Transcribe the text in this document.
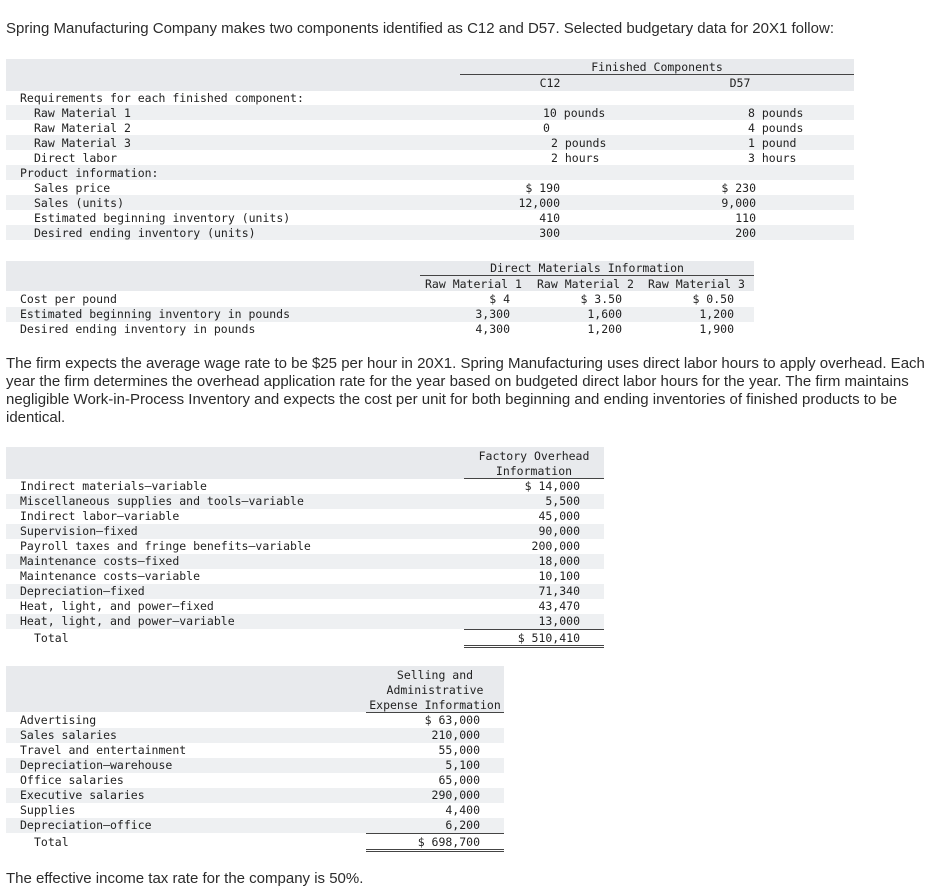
Spring Manufacturing Company makes two components identified as C12 and D57. Selected budgetary data for 20X1 follow:
Finished Components
C12	D57
Requirements for each finished component:
Raw Material 1	10 pounds	8 pounds
Raw Material 2	0	4 pounds
Raw Material 3	2 pounds	1 pound
Direct labor	2 hours	3 hours
Product information:
Sales price	$ 190	$ 230
Sales (units)	12,000	9,000
Estimated beginning inventory (units)	410	110
Desired ending inventory (units)	300	200
Direct Materials Information
Raw Material 1 Raw Material 2 Raw Material 3
Cost per pound	$ 4	$ 3.50	$ 0.50
Estimated beginning inventory in pounds	3,300	1,600	1,200
Desired ending inventory in pounds	4,300	1,200	1,900
The firm expects the average wage rate to be $25 per hour in 20X1. Spring Manufacturing uses direct labor hours to apply overhead. Each year the firm determines the overhead application rate for the year based on budgeted direct labor hours for the year. The firm maintains negligible Work-in-Process Inventory and expects the cost per unit for both beginning and ending inventories of finished products to be identical.
Factory Overhead
Information
Indirect materials—variable	$ 14,000
Miscellaneous supplies and tools—variable	5,500
Indirect labor—variable	45,000
Supervision—fixed	90,000
Payroll taxes and fringe benefits—variable	200,000
Maintenance costs—fixed	18,000
Maintenance costs—variable	10,100
Depreciation—fixed	71,340
Heat, light, and power—fixed	43,470
Heat, light, and power—variable	13,000
Total	$ 510,410
Selling and
Administrative
Expense Information
Advertising	$ 63,000
Sales salaries	210,000
Travel and entertainment	55,000
Depreciation—warehouse	5,100
Office salaries	65,000
Executive salaries	290,000
Supplies	4,400
Depreciation—office	6,200
Total	$ 698,700
The effective income tax rate for the company is 50%.
